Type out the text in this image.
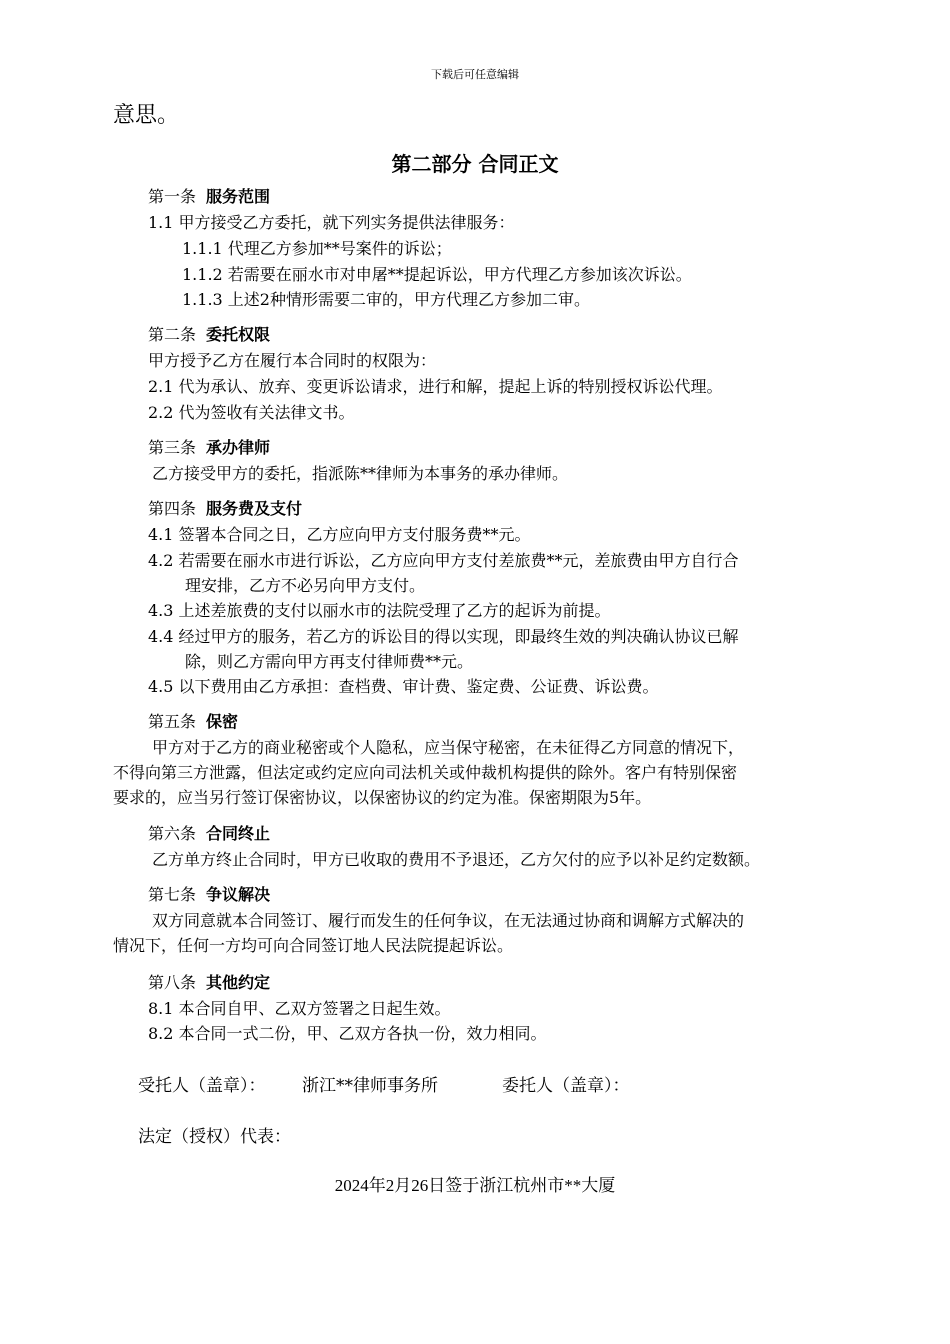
下载后可任意编辑
意思。
第二部分 合同正文
第一条 服务范围
1.1 甲方接受乙方委托，就下列实务提供法律服务：
1.1.1 代理乙方参加**号案件的诉讼；
1.1.2 若需要在丽水市对申屠**提起诉讼，甲方代理乙方参加该次诉讼。
1.1.3 上述2种情形需要二审的，甲方代理乙方参加二审。
第二条 委托权限
甲方授予乙方在履行本合同时的权限为：
2.1 代为承认、放弃、变更诉讼请求，进行和解，提起上诉的特别授权诉讼代理。
2.2 代为签收有关法律文书。
第三条 承办律师
乙方接受甲方的委托，指派陈**律师为本事务的承办律师。
第四条 服务费及支付
4.1 签署本合同之日，乙方应向甲方支付服务费**元。
4.2 若需要在丽水市进行诉讼，乙方应向甲方支付差旅费**元，差旅费由甲方自行合
理安排，乙方不必另向甲方支付。
4.3 上述差旅费的支付以丽水市的法院受理了乙方的起诉为前提。
4.4 经过甲方的服务，若乙方的诉讼目的得以实现，即最终生效的判决确认协议已解
除，则乙方需向甲方再支付律师费**元。
4.5 以下费用由乙方承担：查档费、审计费、鉴定费、公证费、诉讼费。
第五条 保密
甲方对于乙方的商业秘密或个人隐私，应当保守秘密，在未征得乙方同意的情况下，
不得向第三方泄露，但法定或约定应向司法机关或仲裁机构提供的除外。客户有特别保密
要求的，应当另行签订保密协议，以保密协议的约定为准。保密期限为5年。
第六条 合同终止
乙方单方终止合同时，甲方已收取的费用不予退还，乙方欠付的应予以补足约定数额。
第七条 争议解决
双方同意就本合同签订、履行而发生的任何争议，在无法通过协商和调解方式解决的
情况下，任何一方均可向合同签订地人民法院提起诉讼。
第八条 其他约定
8.1 本合同自甲、乙双方签署之日起生效。
8.2 本合同一式二份，甲、乙双方各执一份，效力相同。
受托人（盖章）： 浙江**律师事务所	委托人（盖章）：
法定（授权）代表：
2024年2月26日签于浙江杭州市**大厦
